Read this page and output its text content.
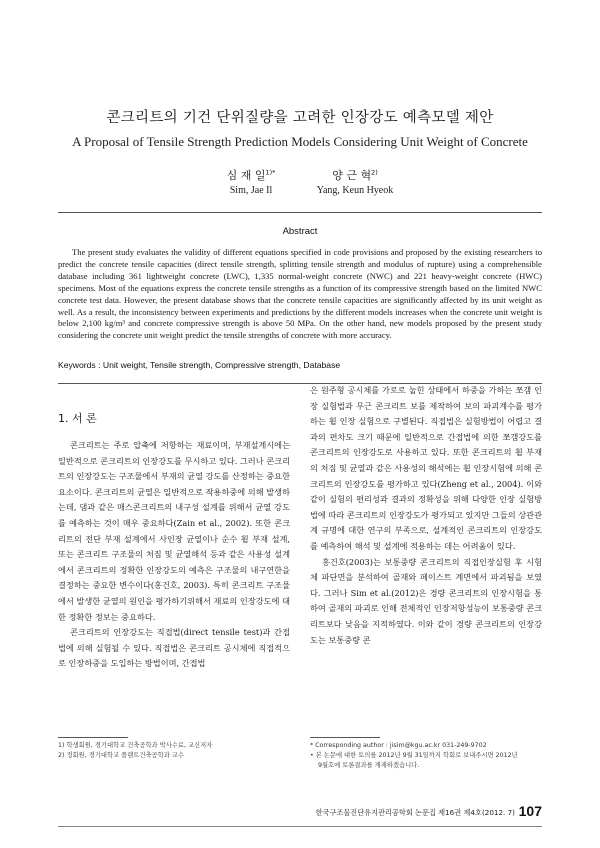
콘크리트의 기건 단위질량을 고려한 인장강도 예측모델 제안
A Proposal of Tensile Strength Prediction Models Considering Unit Weight of Concrete
심 재 일$^{1)*}$	양 근 혁$^{2)}$
Sim, Jae Il	Yang, Keun Hyeok
Abstract

The present study evaluates the validity of different equations specified in code provisions and proposed by the existing researchers to predict the concrete tensile capacities (direct tensile strength, splitting tensile strength and modulus of rupture) using a comprehensible database including 361 lightweight concrete (LWC), 1,335 normal-weight concrete (NWC) and 221 heavy-weight concrete (HWC) specimens. Most of the equations express the concrete tensile strengths as a function of its compressive strength based on the limited NWC concrete test data. However, the present database shows that the concrete tensile capacities are significantly affected by its unit weight as well. As a result, the inconsistency between experiments and predictions by the different models increases when the concrete unit weight is below 2,100 kg/m³ and concrete compressive strength is above 50 MPa. On the other hand, new models proposed by the present study considering the concrete unit weight predict the tensile strengths of concrete with more accuracy.

Keywords : Unit weight, Tensile strength, Compressive strength, Database
1. 서 론

콘크리트는 주로 압축에 저항하는 재료이며, 부재설계시에는 일반적으로 콘크리트의 인장강도를 무시하고 있다. 그러나 콘크리트의 인장강도는 구조물에서 부재의 균열 강도를 산정하는 중요한 요소이다. 콘크리트의 균열은 일반적으로 작용하중에 의해 발생하는데, 댐과 같은 매스콘크리트의 내구성 설계를 위해서 균열 강도를 예측하는 것이 매우 중요하다(Zain et al., 2002). 또한 콘크리트의 전단 부재 설계에서 사인장 균열이나 순수 휨 부재 설계, 또는 콘크리트 구조물의 처짐 및 균열해석 등과 같은 사용성 설계에서 콘크리트의 정확한 인장강도의 예측은 구조물의 내구연한을 결정하는 중요한 변수이다(홍건호, 2003). 특히 콘크리트 구조물에서 발생한 균열의 원인을 평가하기위해서 재료의 인장강도에 대한 정확한 정보는 중요하다.

콘크리트의 인장강도는 직접법(direct tensile test)과 간접법에 의해 실험될 수 있다. 직접법은 콘크리트 공시체에 직접적으로 인장하중을 도입하는 방법이며, 간접법

은 원주형 공시체를 가로로 눕힌 상태에서 하중을 가하는 쪼갬 인장 실험법과 무근 콘크리트 보를 제작하여 보의 파괴계수를 평가하는 휨 인장 실험으로 구별된다. 직접법은 실험방법이 어렵고 결과의 편차도 크기 때문에 일반적으로 간접법에 의한 쪼갬강도를 콘크리트의 인장강도로 사용하고 있다. 또한 콘크리트의 휨 부재의 처짐 및 균열과 같은 사용성의 해석에는 휨 인장시험에 의해 콘크리트의 인장강도를 평가하고 있다(Zheng et al., 2004). 이와 같이 실험의 편리성과 결과의 정확성을 위해 다양한 인장 실험방법에 따라 콘크리트의 인장강도가 평가되고 있지만 그들의 상관관계 규명에 대한 연구의 부족으로, 설계적인 콘크리트의 인장강도를 예측하여 해석 및 설계에 적용하는 데는 어려움이 있다.

홍건호(2003)는 보통중량 콘크리트의 직접인장실험 후 시험체 파단면을 분석하여 골재와 페이스트 계면에서 파괴됨을 보였다. 그러나 Sim et al.(2012)은 경량 콘크리트의 인장시험을 통하여 골재의 파괴로 인해 전체적인 인장저항성능이 보통중량 콘크리트보다 낮음을 지적하였다. 이와 같이 경량 콘크리트의 인장강도는 보통중량 콘

1) 학생회원, 경기대학교 건축공학과 박사수료, 교신저자
2) 정회원, 경기대학교 플랜트건축공학과 교수
* Corresponding author : jisim@kgu.ac.kr 031-249-9702
• 본 논문에 대한 토의를 2012년 9월 31일까지 학회로 보내주시면 2012년
9월호에 토론결과를 게재하겠습니다.
한국구조물진단유지관리공학회 논문집 제16권 제4호(2012. 7) 107
